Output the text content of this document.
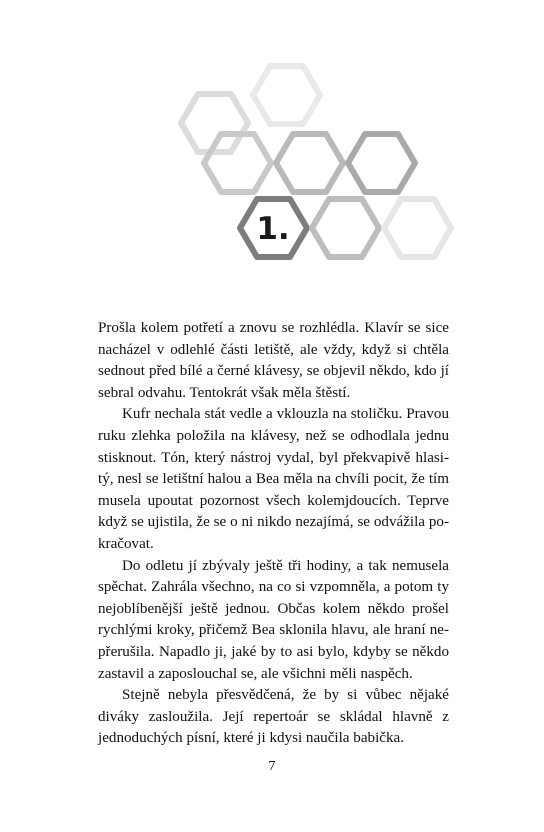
1.

Prošla kolem potřetí a znovu se rozhlédla. Klavír se sice nacházel v odlehlé části letiště, ale vždy, když si chtěla sednout před bílé a černé klávesy, se objevil někdo, kdo jí sebral odvahu. Tentokrát však měla štěstí.

Kufr nechala stát vedle a vklouzla na stoličku. Pravou ruku zlehka položila na klávesy, než se odhodlala jednu stisknout. Tón, který nástroj vydal, byl překvapivě hlasitý, nesl se letištní halou a Bea měla na chvíli pocit, že tím musela upoutat pozornost všech kolemjdoucích. Teprve když se ujistila, že se o ni nikdo nezajímá, se odvážila pokračovat.

Do odletu jí zbývaly ještě tři hodiny, a tak nemusela spěchat. Zahrála všechno, na co si vzpomněla, a potom ty nejoblíbenější ještě jednou. Občas kolem někdo prošel rychlými kroky, přičemž Bea sklonila hlavu, ale hraní nepřerušila. Napadlo ji, jaké by to asi bylo, kdyby se někdo zastavil a zaposlouchal se, ale všichni měli naspěch.

Stejně nebyla přesvědčená, že by si vůbec nějaké diváky zasloužila. Její repertoár se skládal hlavně z jednoduchých písní, které ji kdysi naučila babička.

7
